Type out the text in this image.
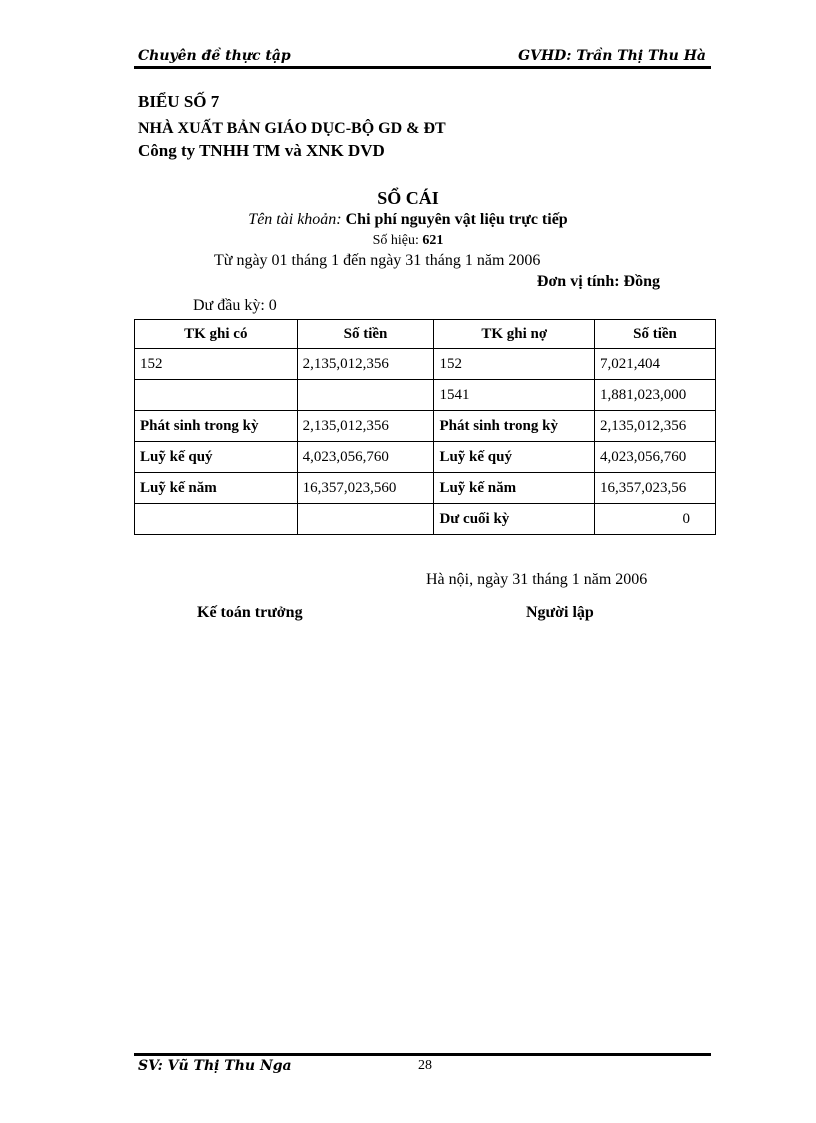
Chuyên đề thực tập	GVHD: Trần Thị Thu Hà
BIỂU SỐ 7
NHÀ XUẤT BẢN GIÁO DỤC-BỘ GD & ĐT
Công ty TNHH TM và XNK DVD
SỔ CÁI
Tên tài khoản: Chi phí nguyên vật liệu trực tiếp
Số hiệu: 621
Từ ngày 01 tháng 1 đến ngày 31 tháng 1 năm 2006
Đơn vị tính: Đồng
Dư đầu kỳ: 0
TK ghi có	Số tiền	TK ghi nợ	Số tiền
152	2,135,012,356	152	7,021,404
		1541	1,881,023,000
Phát sinh trong kỳ	2,135,012,356	Phát sinh trong kỳ	2,135,012,356
Luỹ kế quý	4,023,056,760	Luỹ kế quý	4,023,056,760
Luỹ kế năm	16,357,023,560	Luỹ kế năm	16,357,023,56
		Dư cuối kỳ	0
Hà nội, ngày 31 tháng 1 năm 2006
Kế toán trưởng	Người lập
SV: Vũ Thị Thu Nga	28
